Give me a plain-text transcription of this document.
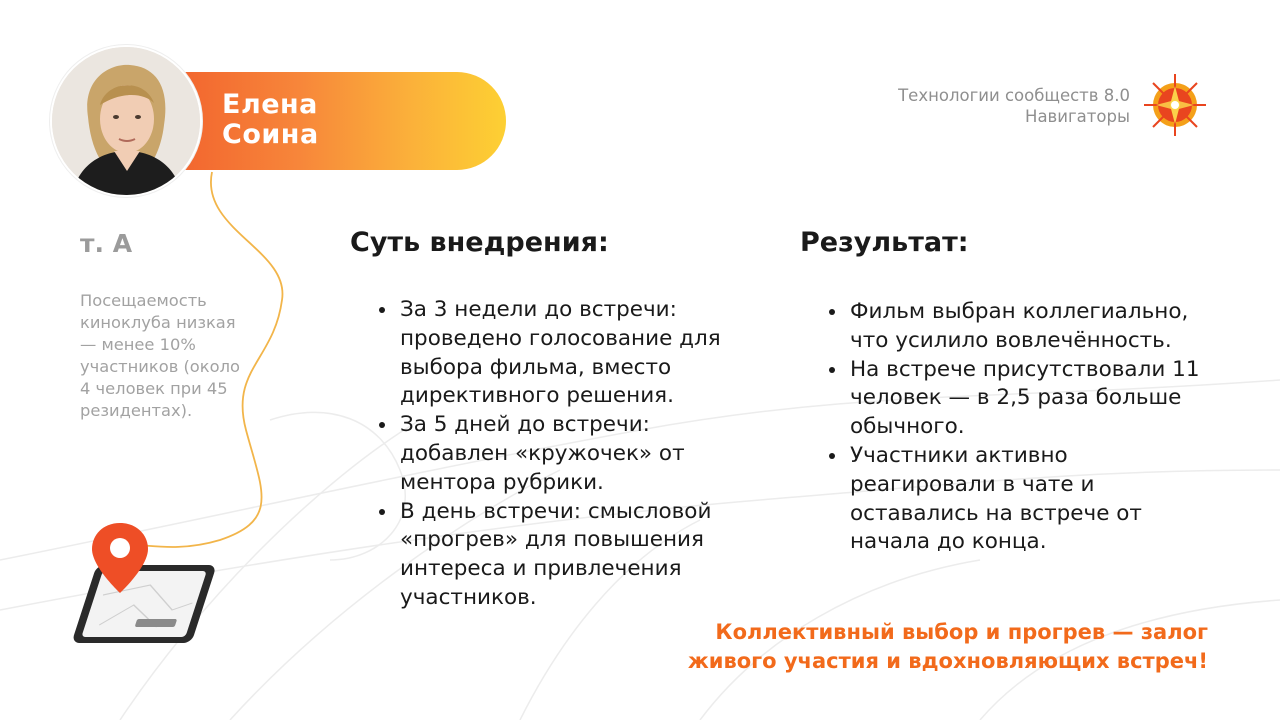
Елена
Соина
Технологии сообществ 8.0
Навигаторы
т. А
Посещаемость киноклуба низкая — менее 10% участников (около 4 человек при 45 резидентах).
Суть внедрения:
• За 3 недели до встречи: проведено голосование для выбора фильма, вместо директивного решения.
• За 5 дней до встречи: добавлен «кружочек» от ментора рубрики.
• В день встречи: смысловой «прогрев» для повышения интереса и привлечения участников.
Результат:
• Фильм выбран коллегиально, что усилило вовлечённость.
• На встрече присутствовали 11 человек — в 2,5 раза больше обычного.
• Участники активно реагировали в чате и оставались на встрече от начала до конца.
Коллективный выбор и прогрев — залог
живого участия и вдохновляющих встреч!
